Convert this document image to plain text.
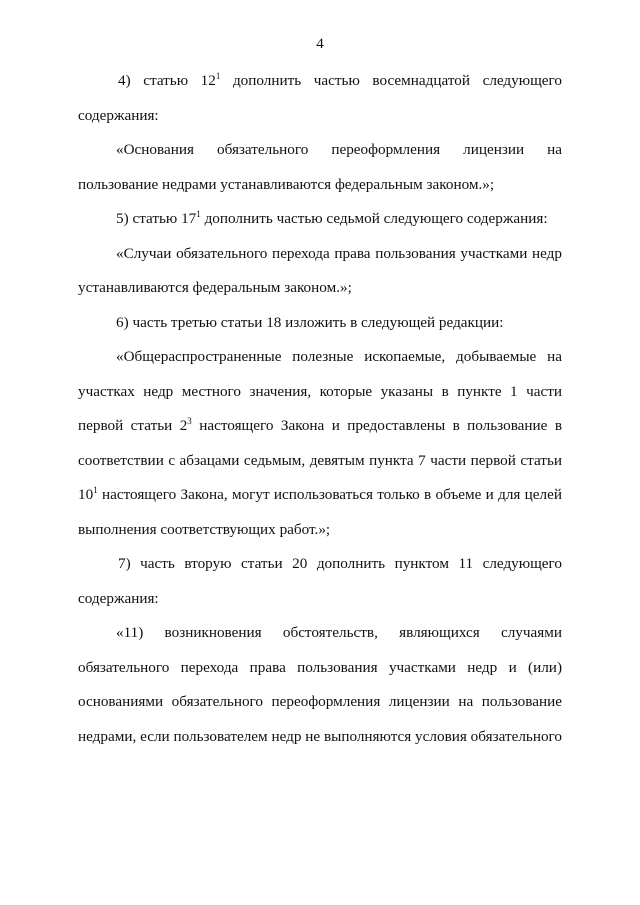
4
4) статью $12^1$ дополнить частью восемнадцатой следующего
содержания:
«Основания обязательного переоформления лицензии на
пользование недрами устанавливаются федеральным законом.»;
5) статью $17^1$ дополнить частью седьмой следующего содержания:
«Случаи обязательного перехода права пользования участками недр
устанавливаются федеральным законом.»;
6) часть третью статьи 18 изложить в следующей редакции:
«Общераспространенные полезные ископаемые, добываемые на
участках недр местного значения, которые указаны в пункте 1 части
первой статьи $2^3$ настоящего Закона и предоставлены в пользование в
соответствии с абзацами седьмым, девятым пункта 7 части первой статьи
$10^1$ настоящего Закона, могут использоваться только в объеме и для целей
выполнения соответствующих работ.»;
7) часть вторую статьи 20 дополнить пунктом 11 следующего
содержания:
«11) возникновения обстоятельств, являющихся случаями
обязательного перехода права пользования участками недр и (или)
основаниями обязательного переоформления лицензии на пользование
недрами, если пользователем недр не выполняются условия обязательного
